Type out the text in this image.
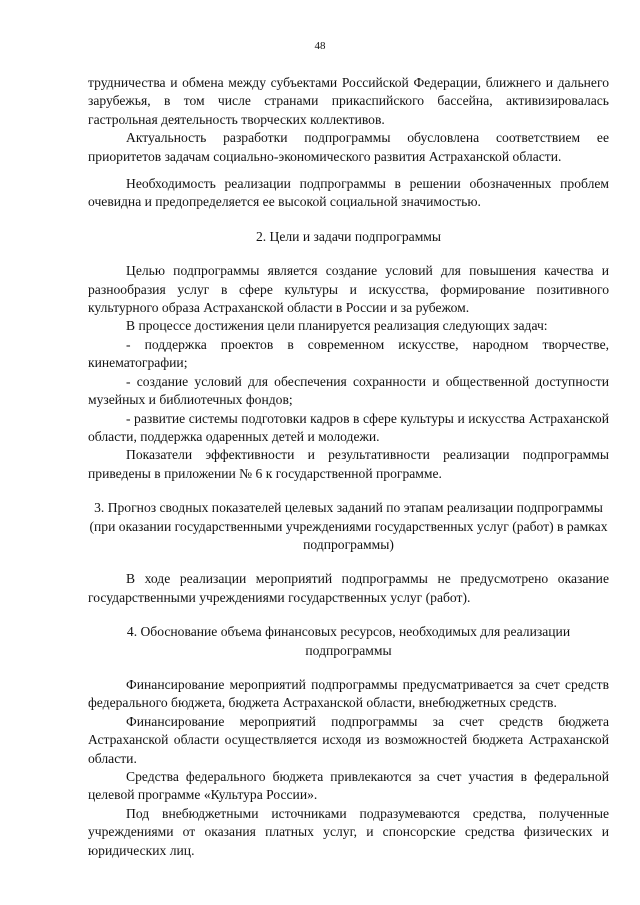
48

трудничества и обмена между субъектами Российской Федерации, ближнего и дальнего зарубежья, в том числе странами прикаспийского бассейна, активизировалась гастрольная деятельность творческих коллективов.

Актуальность разработки подпрограммы обусловлена соответствием ее приоритетов задачам социально-экономического развития Астраханской области.

Необходимость реализации подпрограммы в решении обозначенных проблем очевидна и предопределяется ее высокой социальной значимостью.

2. Цели и задачи подпрограммы

Целью подпрограммы является создание условий для повышения качества и разнообразия услуг в сфере культуры и искусства, формирование позитивного культурного образа Астраханской области в России и за рубежом.

В процессе достижения цели планируется реализация следующих задач:

- поддержка проектов в современном искусстве, народном творчестве, кинематографии;

- создание условий для обеспечения сохранности и общественной доступности музейных и библиотечных фондов;

- развитие системы подготовки кадров в сфере культуры и искусства Астраханской области, поддержка одаренных детей и молодежи.

Показатели эффективности и результативности реализации подпрограммы приведены в приложении № 6 к государственной программе.

3. Прогноз сводных показателей целевых заданий по этапам реализации подпрограммы (при оказании государственными учреждениями государственных услуг (работ) в рамках подпрограммы)

В ходе реализации мероприятий подпрограммы не предусмотрено оказание государственными учреждениями государственных услуг (работ).

4. Обоснование объема финансовых ресурсов, необходимых для реализации подпрограммы

Финансирование мероприятий подпрограммы предусматривается за счет средств федерального бюджета, бюджета Астраханской области, внебюджетных средств.

Финансирование мероприятий подпрограммы за счет средств бюджета Астраханской области осуществляется исходя из возможностей бюджета Астраханской области.

Средства федерального бюджета привлекаются за счет участия в федеральной целевой программе «Культура России».

Под внебюджетными источниками подразумеваются средства, полученные учреждениями от оказания платных услуг, и спонсорские средства физических и юридических лиц.
